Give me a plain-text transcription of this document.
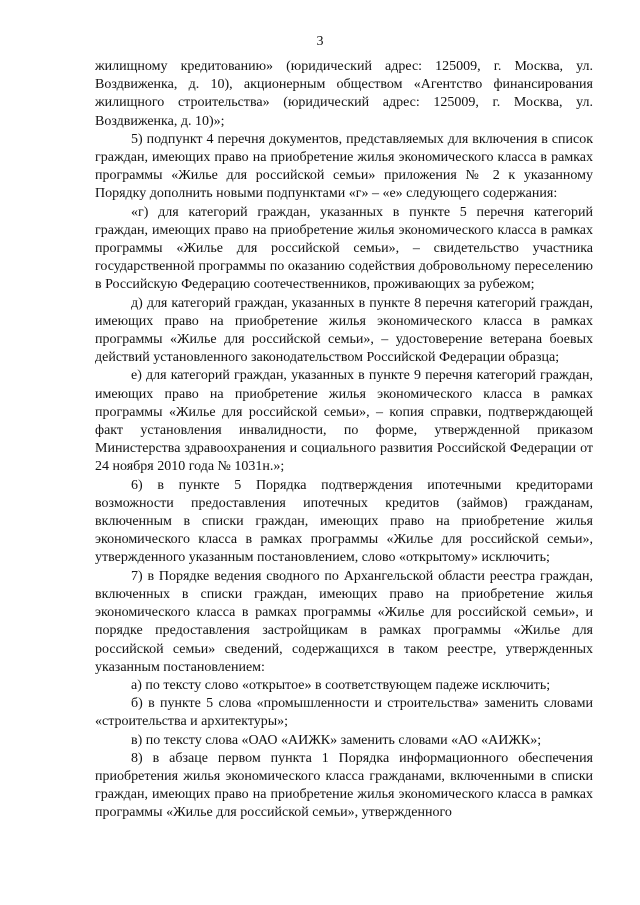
3

жилищному кредитованию» (юридический адрес: 125009, г. Москва, ул. Воздвиженка, д. 10), акционерным обществом «Агентство финансирования жилищного строительства» (юридический адрес: 125009, г. Москва, ул. Воздвиженка, д. 10)»;

5) подпункт 4 перечня документов, представляемых для включения в список граждан, имеющих право на приобретение жилья экономического класса в рамках программы «Жилье для российской семьи» приложения № 2 к указанному Порядку дополнить новыми подпунктами «г» – «е» следующего содержания:

«г) для категорий граждан, указанных в пункте 5 перечня категорий граждан, имеющих право на приобретение жилья экономического класса в рамках программы «Жилье для российской семьи», – свидетельство участника государственной программы по оказанию содействия добровольному переселению в Российскую Федерацию соотечественников, проживающих за рубежом;

д) для категорий граждан, указанных в пункте 8 перечня категорий граждан, имеющих право на приобретение жилья экономического класса в рамках программы «Жилье для российской семьи», – удостоверение ветерана боевых действий установленного законодательством Российской Федерации образца;

е) для категорий граждан, указанных в пункте 9 перечня категорий граждан, имеющих право на приобретение жилья экономического класса в рамках программы «Жилье для российской семьи», – копия справки, подтверждающей факт установления инвалидности, по форме, утвержденной приказом Министерства здравоохранения и социального развития Российской Федерации от 24 ноября 2010 года № 1031н.»;

6) в пункте 5 Порядка подтверждения ипотечными кредиторами возможности предоставления ипотечных кредитов (займов) гражданам, включенным в списки граждан, имеющих право на приобретение жилья экономического класса в рамках программы «Жилье для российской семьи», утвержденного указанным постановлением, слово «открытому» исключить;

7) в Порядке ведения сводного по Архангельской области реестра граждан, включенных в списки граждан, имеющих право на приобретение жилья экономического класса в рамках программы «Жилье для российской семьи», и порядке предоставления застройщикам в рамках программы «Жилье для российской семьи» сведений, содержащихся в таком реестре, утвержденных указанным постановлением:

а) по тексту слово «открытое» в соответствующем падеже исключить;

б) в пункте 5 слова «промышленности и строительства» заменить словами «строительства и архитектуры»;

в) по тексту слова «ОАО «АИЖК» заменить словами «АО «АИЖК»;

8) в абзаце первом пункта 1 Порядка информационного обеспечения приобретения жилья экономического класса гражданами, включенными в списки граждан, имеющих право на приобретение жилья экономического класса в рамках программы «Жилье для российской семьи», утвержденного
